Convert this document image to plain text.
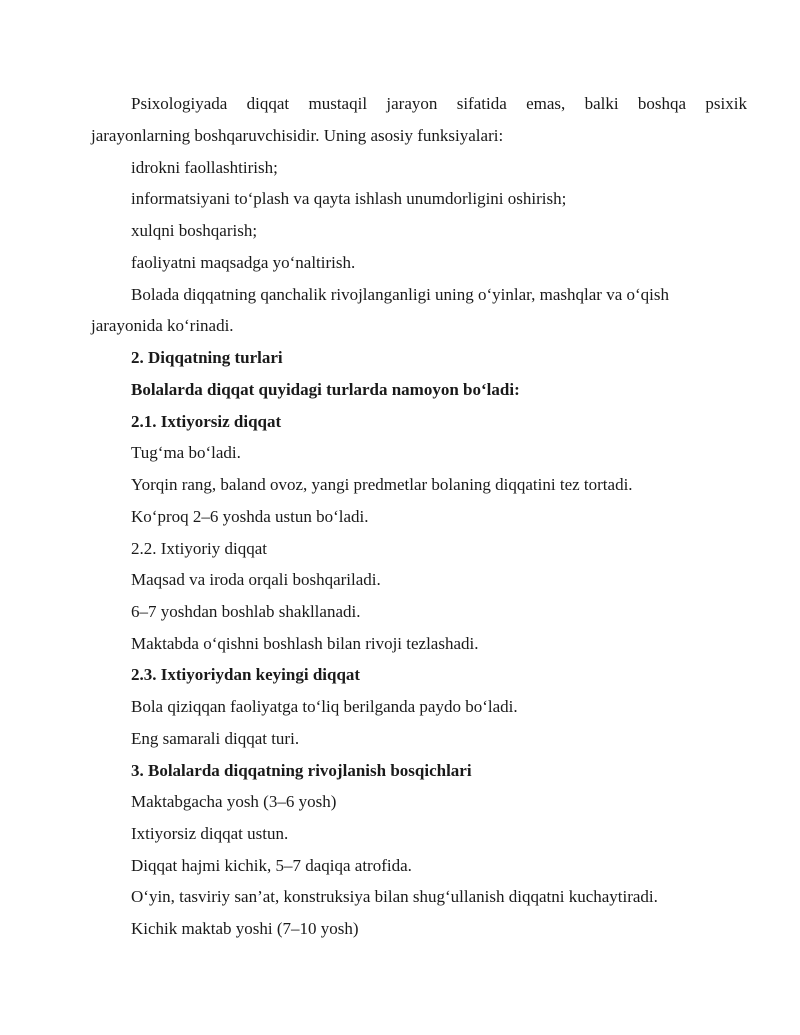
Psixologiyada diqqat mustaqil jarayon sifatida emas, balki boshqa psixik
jarayonlarning boshqaruvchisidir. Uning asosiy funksiyalari:
idrokni faollashtirish;
informatsiyani to‘plash va qayta ishlash unumdorligini oshirish;
xulqni boshqarish;
faoliyatni maqsadga yo‘naltirish.
Bolada diqqatning qanchalik rivojlanganligi uning o‘yinlar, mashqlar va o‘qish
jarayonida ko‘rinadi.
2. Diqqatning turlari
Bolalarda diqqat quyidagi turlarda namoyon bo‘ladi:
2.1. Ixtiyorsiz diqqat
Tug‘ma bo‘ladi.
Yorqin rang, baland ovoz, yangi predmetlar bolaning diqqatini tez tortadi.
Ko‘proq 2–6 yoshda ustun bo‘ladi.
2.2. Ixtiyoriy diqqat
Maqsad va iroda orqali boshqariladi.
6–7 yoshdan boshlab shakllanadi.
Maktabda o‘qishni boshlash bilan rivoji tezlashadi.
2.3. Ixtiyoriydan keyingi diqqat
Bola qiziqqan faoliyatga to‘liq berilganda paydo bo‘ladi.
Eng samarali diqqat turi.
3. Bolalarda diqqatning rivojlanish bosqichlari
Maktabgacha yosh (3–6 yosh)
Ixtiyorsiz diqqat ustun.
Diqqat hajmi kichik, 5–7 daqiqa atrofida.
O‘yin, tasviriy san’at, konstruksiya bilan shug‘ullanish diqqatni kuchaytiradi.
Kichik maktab yoshi (7–10 yosh)
